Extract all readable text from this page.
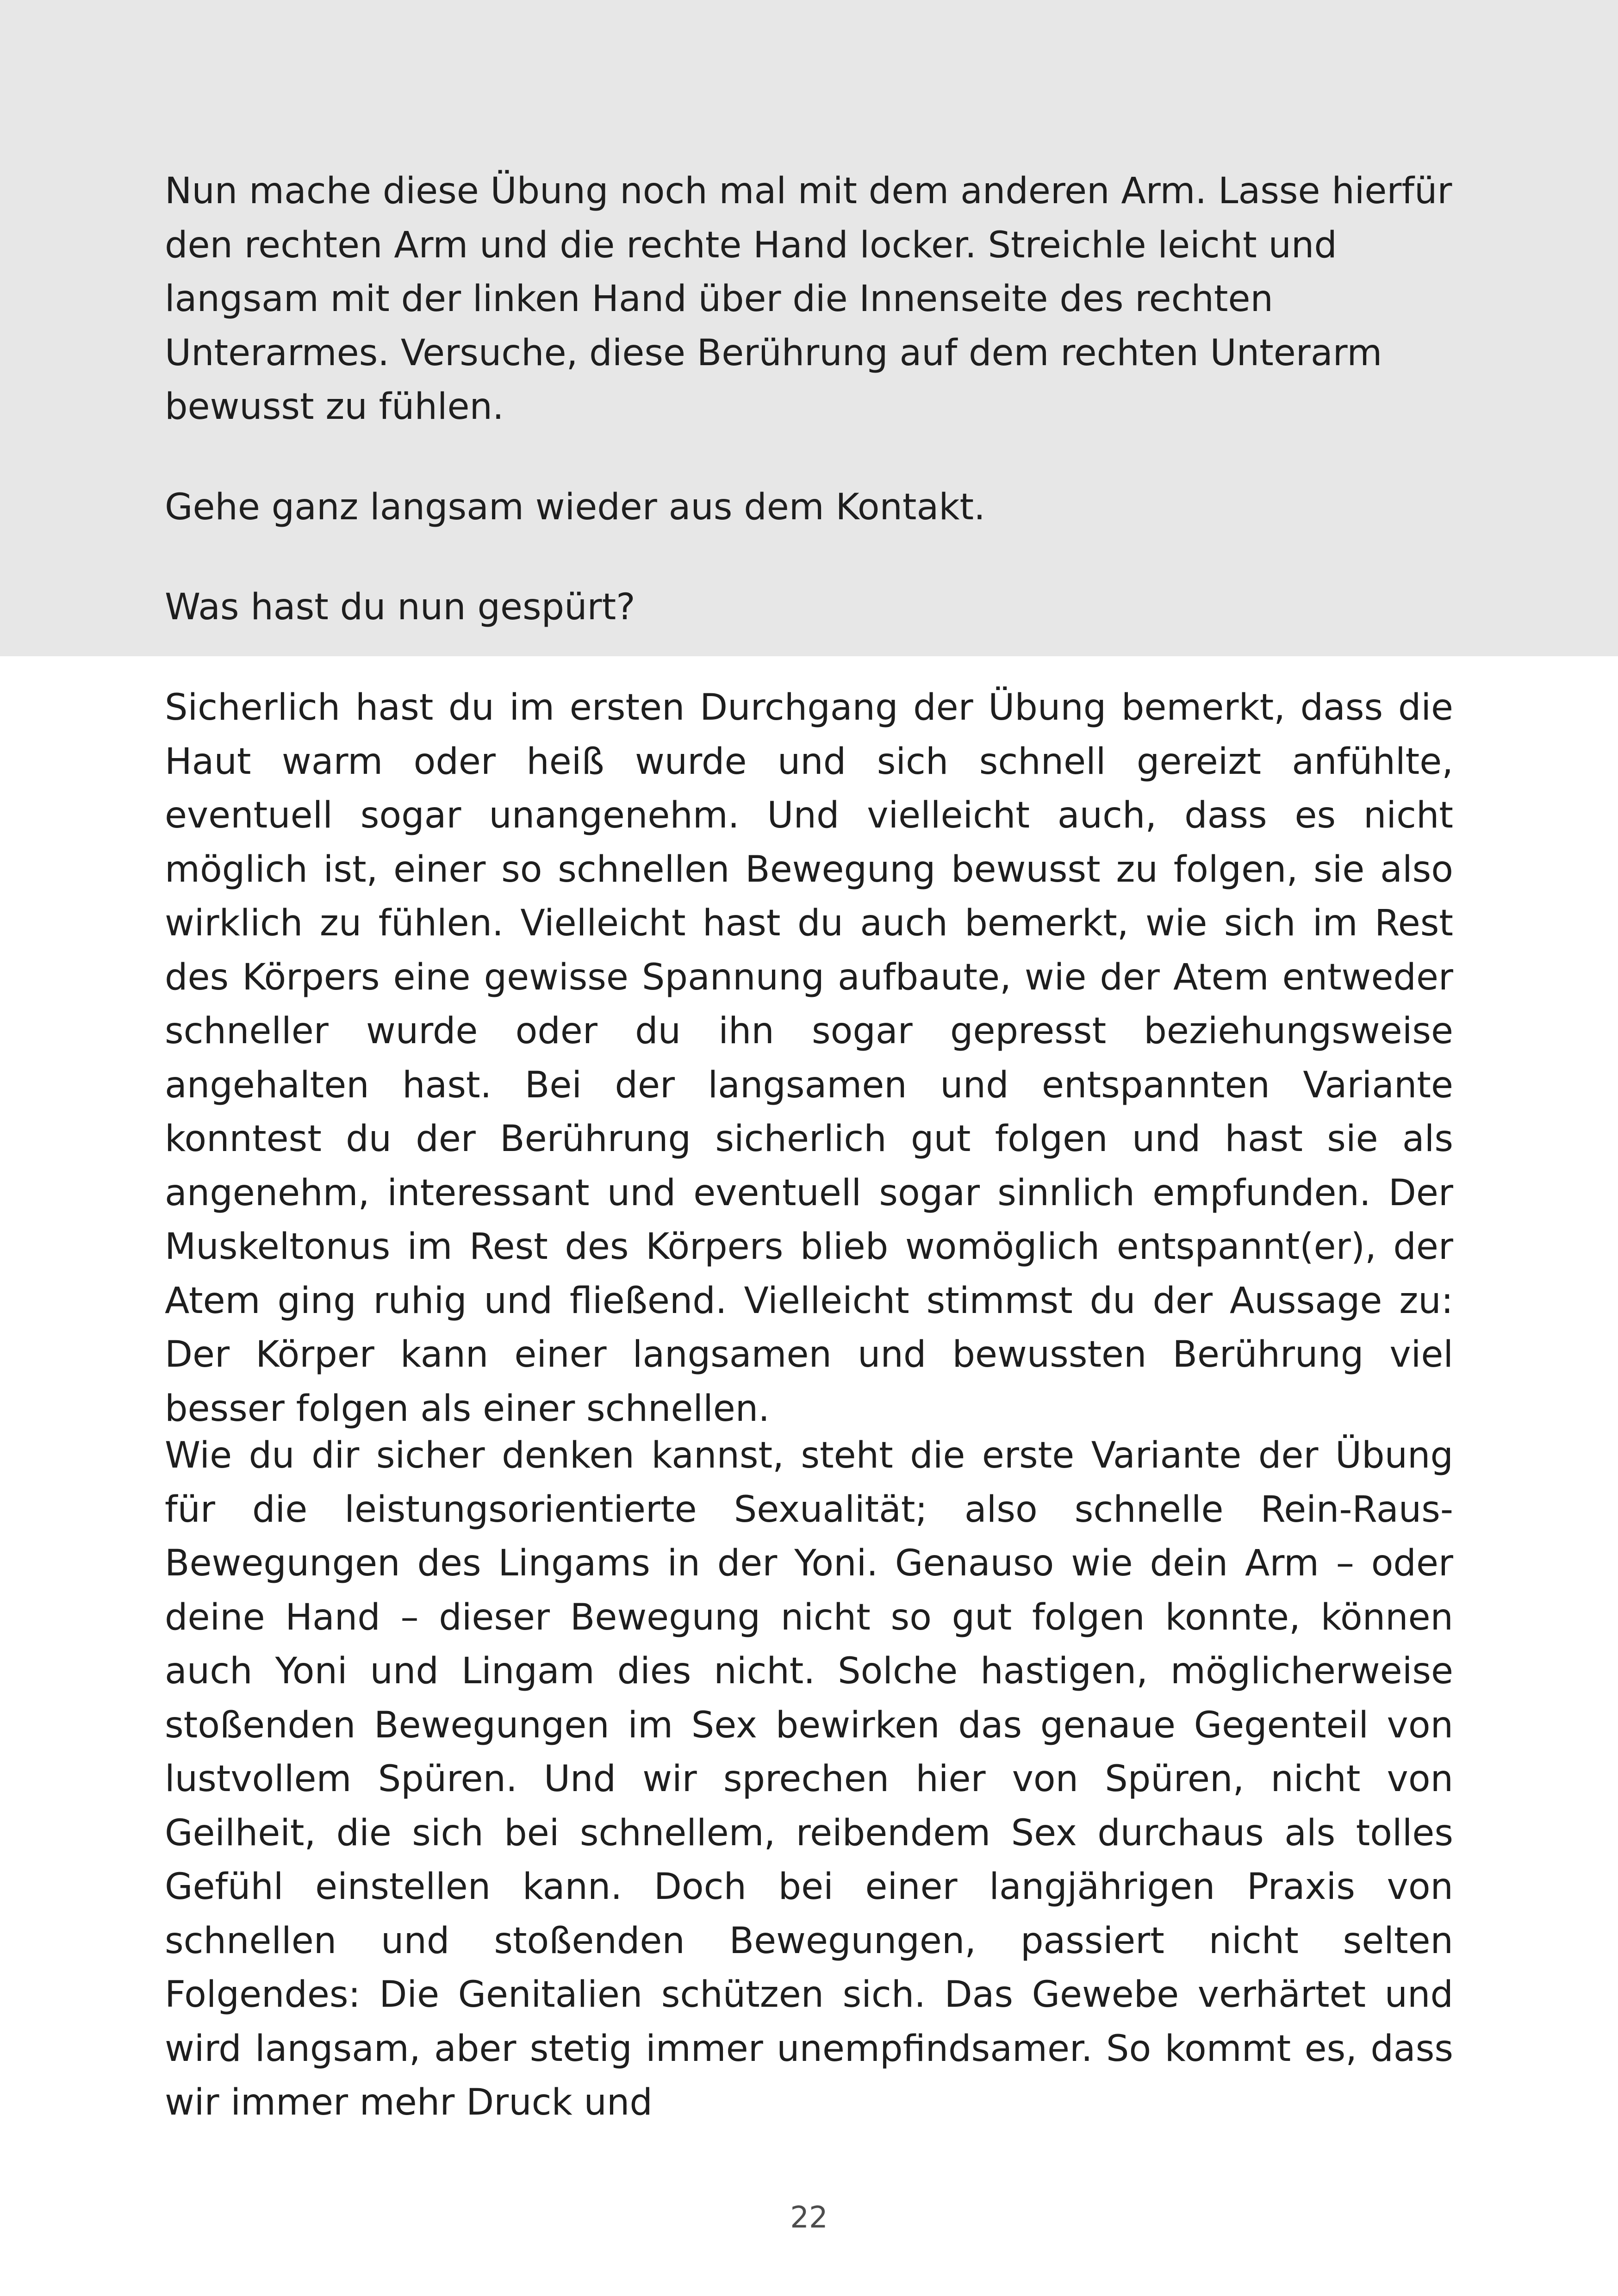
Nun mache diese Übung noch mal mit dem anderen Arm. Lasse hierfür den rechten Arm und die rechte Hand locker. Streichle leicht und langsam mit der linken Hand über die Innenseite des rechten Unterarmes. Versuche, diese Berührung auf dem rechten Unterarm bewusst zu fühlen.

Gehe ganz langsam wieder aus dem Kontakt.

Was hast du nun gespürt?

Sicherlich hast du im ersten Durchgang der Übung bemerkt, dass die Haut warm oder heiß wurde und sich schnell gereizt anfühlte, eventuell sogar unangenehm. Und vielleicht auch, dass es nicht möglich ist, einer so schnellen Bewegung bewusst zu folgen, sie also wirklich zu fühlen. Vielleicht hast du auch bemerkt, wie sich im Rest des Körpers eine gewisse Spannung aufbaute, wie der Atem entweder schneller wurde oder du ihn sogar gepresst beziehungsweise angehalten hast. Bei der langsamen und entspannten Variante konntest du der Berührung sicherlich gut folgen und hast sie als angenehm, interessant und eventuell sogar sinnlich empfunden. Der Muskeltonus im Rest des Körpers blieb womöglich entspannt(er), der Atem ging ruhig und fließend. Vielleicht stimmst du der Aussage zu: Der Körper kann einer langsamen und bewussten Berührung viel besser folgen als einer schnellen.

Wie du dir sicher denken kannst, steht die erste Variante der Übung für die leistungsorientierte Sexualität; also schnelle Rein-Raus-Bewegungen des Lingams in der Yoni. Genauso wie dein Arm – oder deine Hand – dieser Bewegung nicht so gut folgen konnte, können auch Yoni und Lingam dies nicht. Solche hastigen, möglicherweise stoßenden Bewegungen im Sex bewirken das genaue Gegenteil von lustvollem Spüren. Und wir sprechen hier von Spüren, nicht von Geilheit, die sich bei schnellem, reibendem Sex durchaus als tolles Gefühl einstellen kann. Doch bei einer langjährigen Praxis von schnellen und stoßenden Bewegungen, passiert nicht selten Folgendes: Die Genitalien schützen sich. Das Gewebe verhärtet und wird langsam, aber stetig immer unempfindsamer. So kommt es, dass wir immer mehr Druck und

22
